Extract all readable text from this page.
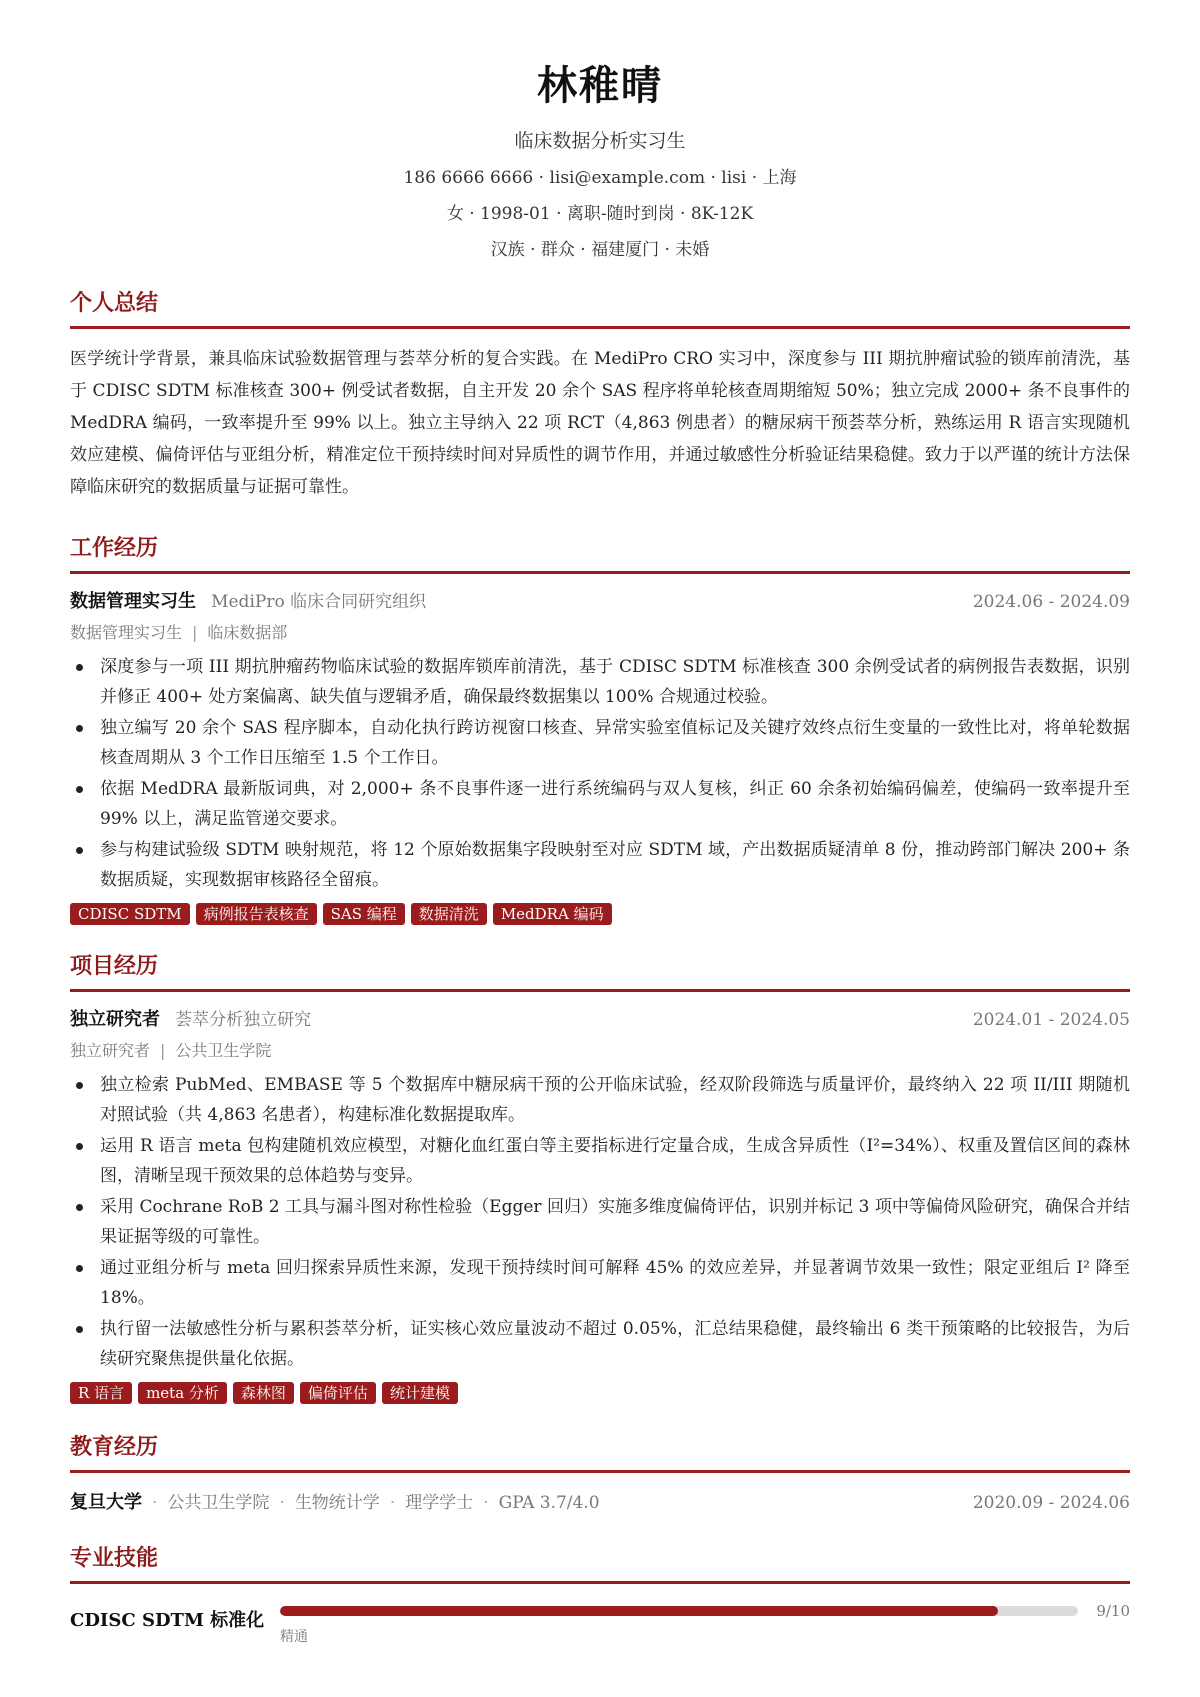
林稚晴
临床数据分析实习生
186 6666 6666 · lisi@example.com · lisi · 上海
女 · 1998-01 · 离职-随时到岗 · 8K-12K
汉族 · 群众 · 福建厦门 · 未婚
个人总结
医学统计学背景，兼具临床试验数据管理与荟萃分析的复合实践。在 MediPro CRO 实习中，深度参与 III 期抗肿瘤试验的锁库前清洗，基于 CDISC SDTM 标准核查 300+ 例受试者数据，自主开发 20 余个 SAS 程序将单轮核查周期缩短 50%；独立完成 2000+ 条不良事件的 MedDRA 编码，一致率提升至 99% 以上。独立主导纳入 22 项 RCT（4,863 例患者）的糖尿病干预荟萃分析，熟练运用 R 语言实现随机效应建模、偏倚评估与亚组分析，精准定位干预持续时间对异质性的调节作用，并通过敏感性分析验证结果稳健。致力于以严谨的统计方法保障临床研究的数据质量与证据可靠性。
工作经历
数据管理实习生 MediPro 临床合同研究组织	2024.06 - 2024.09
数据管理实习生 | 临床数据部
深度参与一项 III 期抗肿瘤药物临床试验的数据库锁库前清洗，基于 CDISC SDTM 标准核查 300 余例受试者的病例报告表数据，识别并修正 400+ 处方案偏离、缺失值与逻辑矛盾，确保最终数据集以 100% 合规通过校验。
独立编写 20 余个 SAS 程序脚本，自动化执行跨访视窗口核查、异常实验室值标记及关键疗效终点衍生变量的一致性比对，将单轮数据核查周期从 3 个工作日压缩至 1.5 个工作日。
依据 MedDRA 最新版词典，对 2,000+ 条不良事件逐一进行系统编码与双人复核，纠正 60 余条初始编码偏差，使编码一致率提升至 99% 以上，满足监管递交要求。
参与构建试验级 SDTM 映射规范，将 12 个原始数据集字段映射至对应 SDTM 域，产出数据质疑清单 8 份，推动跨部门解决 200+ 条数据质疑，实现数据审核路径全留痕。
CDISC SDTM	病例报告表核查	SAS 编程	数据清洗	MedDRA 编码
项目经历
独立研究者 荟萃分析独立研究	2024.01 - 2024.05
独立研究者 | 公共卫生学院
独立检索 PubMed、EMBASE 等 5 个数据库中糖尿病干预的公开临床试验，经双阶段筛选与质量评价，最终纳入 22 项 II/III 期随机对照试验（共 4,863 名患者），构建标准化数据提取库。
运用 R 语言 meta 包构建随机效应模型，对糖化血红蛋白等主要指标进行定量合成，生成含异质性（I²=34%）、权重及置信区间的森林图，清晰呈现干预效果的总体趋势与变异。
采用 Cochrane RoB 2 工具与漏斗图对称性检验（Egger 回归）实施多维度偏倚评估，识别并标记 3 项中等偏倚风险研究，确保合并结果证据等级的可靠性。
通过亚组分析与 meta 回归探索异质性来源，发现干预持续时间可解释 45% 的效应差异，并显著调节效果一致性；限定亚组后 I² 降至 18%。
执行留一法敏感性分析与累积荟萃分析，证实核心效应量波动不超过 0.05%，汇总结果稳健，最终输出 6 类干预策略的比较报告，为后续研究聚焦提供量化依据。
R 语言	meta 分析	森林图	偏倚评估	统计建模
教育经历
复旦大学 · 公共卫生学院 · 生物统计学 · 理学学士 · GPA 3.7/4.0	2020.09 - 2024.06
专业技能
CDISC SDTM 标准化	9/10
精通
